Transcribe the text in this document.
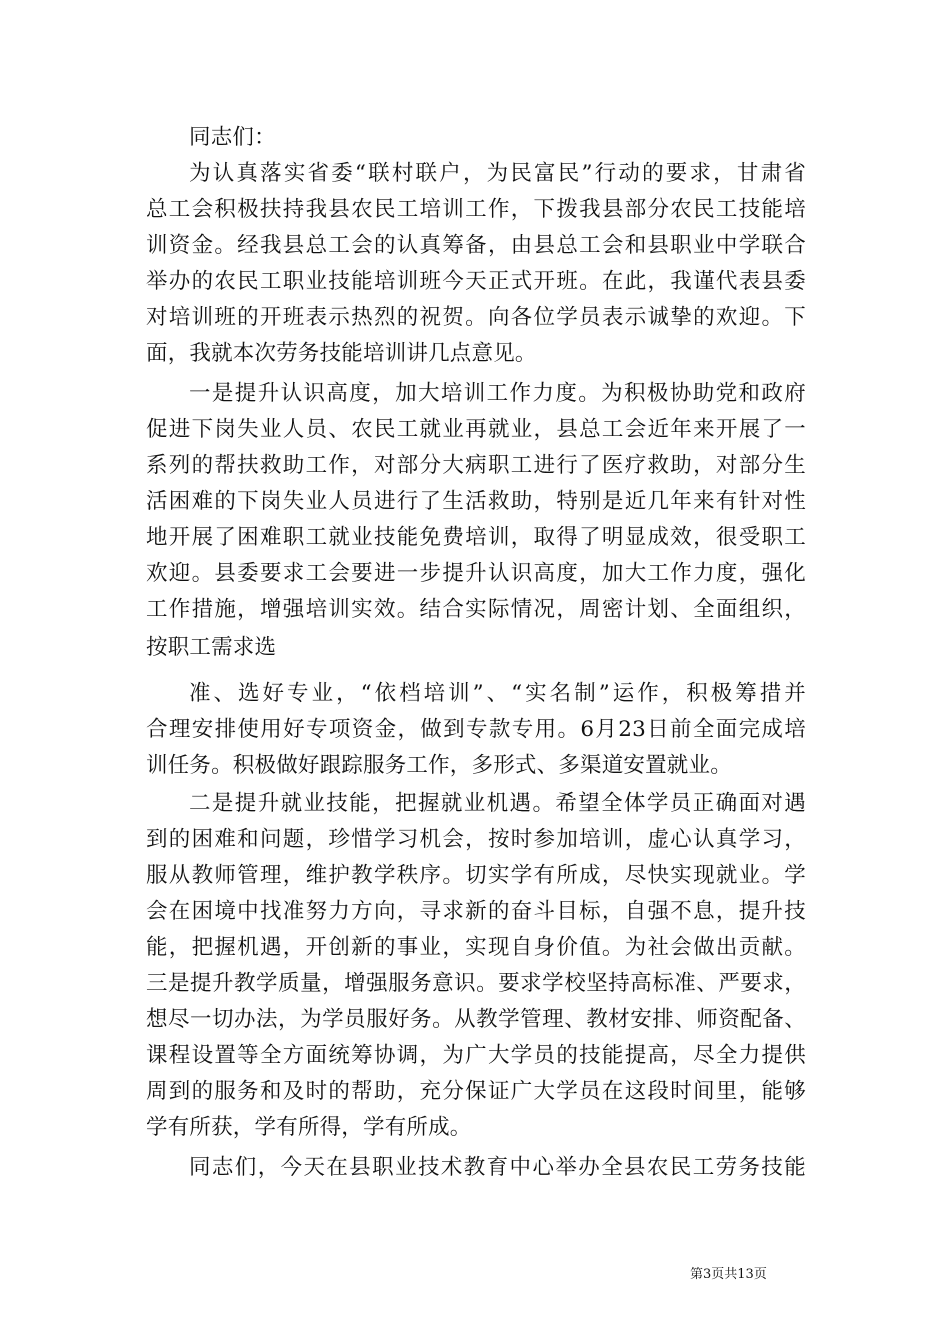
同志们：
为认真落实省委“联村联户，为民富民”行动的要求，甘肃省
总工会积极扶持我县农民工培训工作，下拨我县部分农民工技能培
训资金。经我县总工会的认真筹备，由县总工会和县职业中学联合
举办的农民工职业技能培训班今天正式开班。在此，我谨代表县委
对培训班的开班表示热烈的祝贺。向各位学员表示诚挚的欢迎。下
面，我就本次劳务技能培训讲几点意见。
一是提升认识高度，加大培训工作力度。为积极协助党和政府
促进下岗失业人员、农民工就业再就业，县总工会近年来开展了一
系列的帮扶救助工作，对部分大病职工进行了医疗救助，对部分生
活困难的下岗失业人员进行了生活救助，特别是近几年来有针对性
地开展了困难职工就业技能免费培训，取得了明显成效，很受职工
欢迎。县委要求工会要进一步提升认识高度，加大工作力度，强化
工作措施，增强培训实效。结合实际情况，周密计划、全面组织，
按职工需求选
准、选好专业，“依档培训”、“实名制”运作，积极筹措并
合理安排使用好专项资金，做到专款专用。6月23日前全面完成培
训任务。积极做好跟踪服务工作，多形式、多渠道安置就业。
二是提升就业技能，把握就业机遇。希望全体学员正确面对遇
到的困难和问题，珍惜学习机会，按时参加培训，虚心认真学习，
服从教师管理，维护教学秩序。切实学有所成，尽快实现就业。学
会在困境中找准努力方向，寻求新的奋斗目标，自强不息，提升技
能，把握机遇，开创新的事业，实现自身价值。为社会做出贡献。
三是提升教学质量，增强服务意识。要求学校坚持高标准、严要求，
想尽一切办法，为学员服好务。从教学管理、教材安排、师资配备、
课程设置等全方面统筹协调，为广大学员的技能提高，尽全力提供
周到的服务和及时的帮助，充分保证广大学员在这段时间里，能够
学有所获，学有所得，学有所成。
同志们，今天在县职业技术教育中心举办全县农民工劳务技能
第3页共13页
